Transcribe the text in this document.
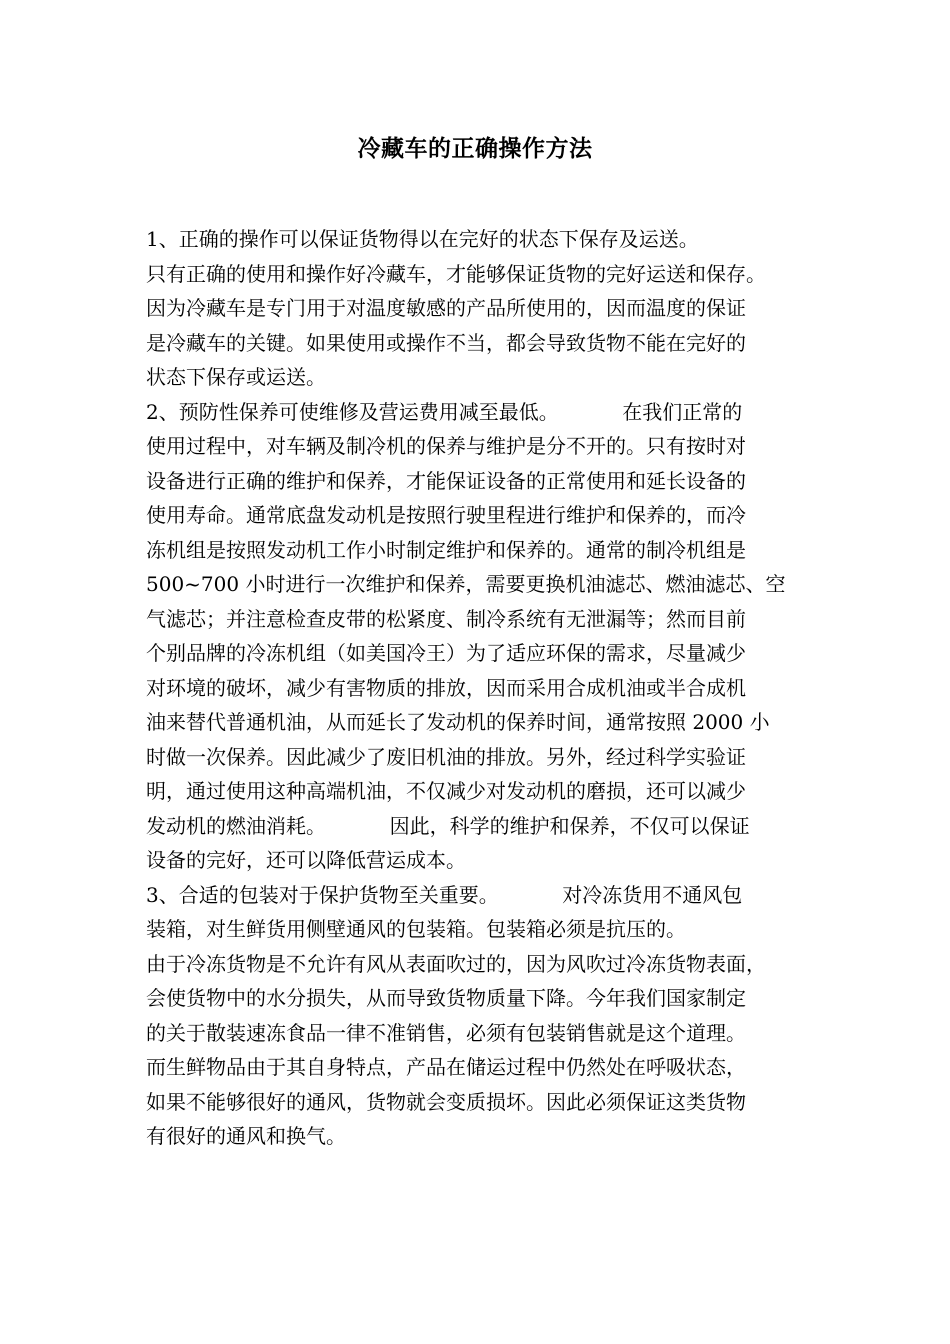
冷藏车的正确操作方法
1、正确的操作可以保证货物得以在完好的状态下保存及运送。
只有正确的使用和操作好冷藏车，才能够保证货物的完好运送和保存。
因为冷藏车是专门用于对温度敏感的产品所使用的，因而温度的保证
是冷藏车的关键。如果使用或操作不当，都会导致货物不能在完好的
状态下保存或运送。
2、预防性保养可使维修及营运费用减至最低。          在我们正常的
使用过程中，对车辆及制冷机的保养与维护是分不开的。只有按时对
设备进行正确的维护和保养，才能保证设备的正常使用和延长设备的
使用寿命。通常底盘发动机是按照行驶里程进行维护和保养的，而冷
冻机组是按照发动机工作小时制定维护和保养的。通常的制冷机组是
500~700 小时进行一次维护和保养，需要更换机油滤芯、燃油滤芯、空
气滤芯；并注意检查皮带的松紧度、制冷系统有无泄漏等；然而目前
个别品牌的冷冻机组（如美国冷王）为了适应环保的需求，尽量减少
对环境的破坏，减少有害物质的排放，因而采用合成机油或半合成机
油来替代普通机油，从而延长了发动机的保养时间，通常按照 2000 小
时做一次保养。因此减少了废旧机油的排放。另外，经过科学实验证
明，通过使用这种高端机油，不仅减少对发动机的磨损，还可以减少
发动机的燃油消耗。          因此，科学的维护和保养，不仅可以保证
设备的完好，还可以降低营运成本。
3、合适的包装对于保护货物至关重要。          对冷冻货用不通风包
装箱，对生鲜货用侧壁通风的包装箱。包装箱必须是抗压的。
由于冷冻货物是不允许有风从表面吹过的，因为风吹过冷冻货物表面，
会使货物中的水分损失，从而导致货物质量下降。今年我们国家制定
的关于散装速冻食品一律不准销售，必须有包装销售就是这个道理。
而生鲜物品由于其自身特点，产品在储运过程中仍然处在呼吸状态，
如果不能够很好的通风，货物就会变质损坏。因此必须保证这类货物
有很好的通风和换气。
